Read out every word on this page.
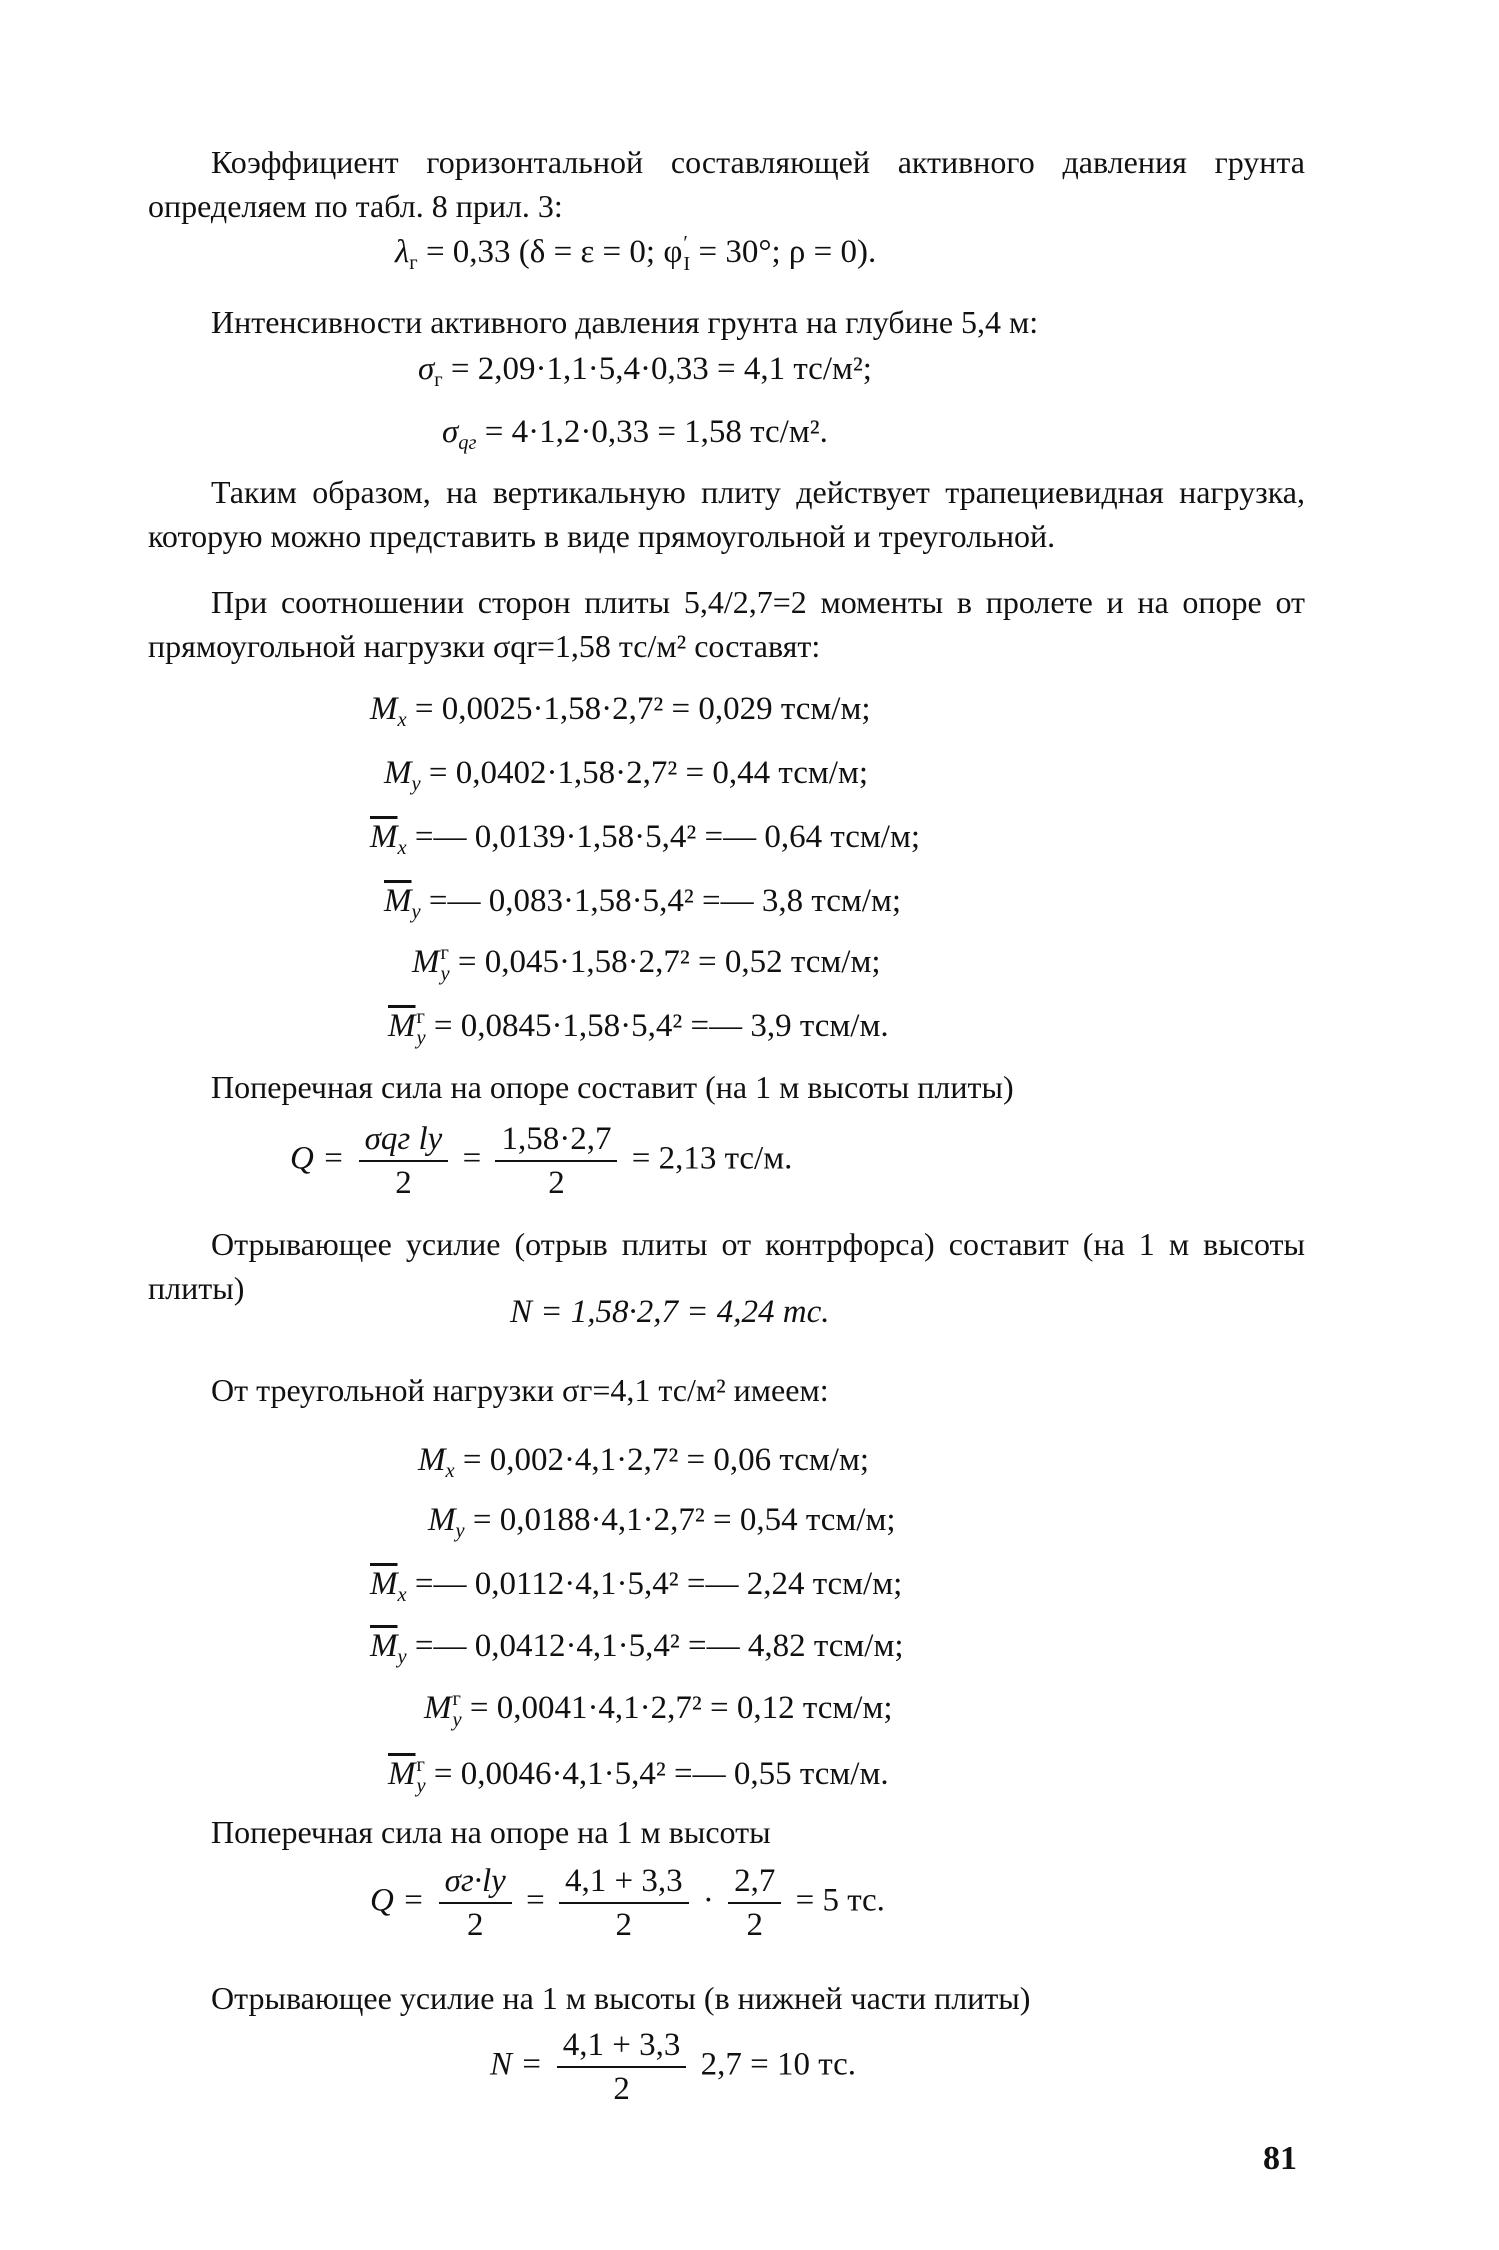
Коэффициент горизонтальной составляющей активного давления грунта определяем по табл. 8 прил. 3:

$\lambda_г = 0,33$ (δ = ε = 0; φ ′
I = 30°; ρ = 0).

Интенсивности активного давления грунта на глубине 5,4 м:

$\sigma_г = 2,09\cdot 1,1\cdot 5,4\cdot 0,33 = 4,1$ тс/м²;
$\sigma_{qг} = 4\cdot 1,2\cdot 0,33 = 1,58$ тс/м².

Таким образом, на вертикальную плиту действует трапециевидная нагрузка, которую можно представить в виде прямоугольной и треугольной.

При соотношении сторон плиты 5,4/2,7=2 моменты в пролете и на опоре от прямоугольной нагрузки σqr=1,58 тс/м² составят:

$M_x = 0,0025\cdot 1,58\cdot 2,7^2 = 0,029$ тсм/м;
$M_y = 0,0402\cdot 1,58\cdot 2,7^2 = 0,44$ тсм/м;
$\overline{M}_x$ =— 0,0139·1,58·5,4² =— 0,64 тсм/м;
$\overline{M}_y$ =— 0,083·1,58·5,4² =— 3,8 тсм/м;
M г
y = 0,045·1,58·2,7² = 0,52 тсм/м;
$\overline{M}$ г
y = 0,0845·1,58·5,4² =— 3,9 тсм/м.

Поперечная сила на опоре составит (на 1 м высоты плиты)

$Q = \frac{\text{σqг ly}}{2} = \frac{1,58\cdot 2,7}{2} = 2,13$ тс/м.

Отрывающее усилие (отрыв плиты от контрфорса) составит (на 1 м высоты плиты)

N = 1,58·2,7 = 4,24 тс.

От треугольной нагрузки σг=4,1 тс/м² имеем:

$M_x = 0,002\cdot 4,1\cdot 2,7^2 = 0,06$ тсм/м;
$M_y = 0,0188\cdot 4,1\cdot 2,7^2 = 0,54$ тсм/м;
$\overline{M}_x$ =— 0,0112·4,1·5,4² =— 2,24 тсм/м;
$\overline{M}_y$ =— 0,0412·4,1·5,4² =— 4,82 тсм/м;
M г
y = 0,0041·4,1·2,7² = 0,12 тсм/м;
$\overline{M}$ г
y = 0,0046·4,1·5,4² =— 0,55 тсм/м.

Поперечная сила на опоре на 1 м высоты

$Q = \frac{\sigma г\cdot ly}{2} = \frac{4,1 + 3,3}{2} \cdot \frac{2,7}{2} = 5$ тс.

Отрывающее усилие на 1 м высоты (в нижней части плиты)

$N = \frac{4,1 + 3,3}{2} 2,7 = 10$ тс.
81
